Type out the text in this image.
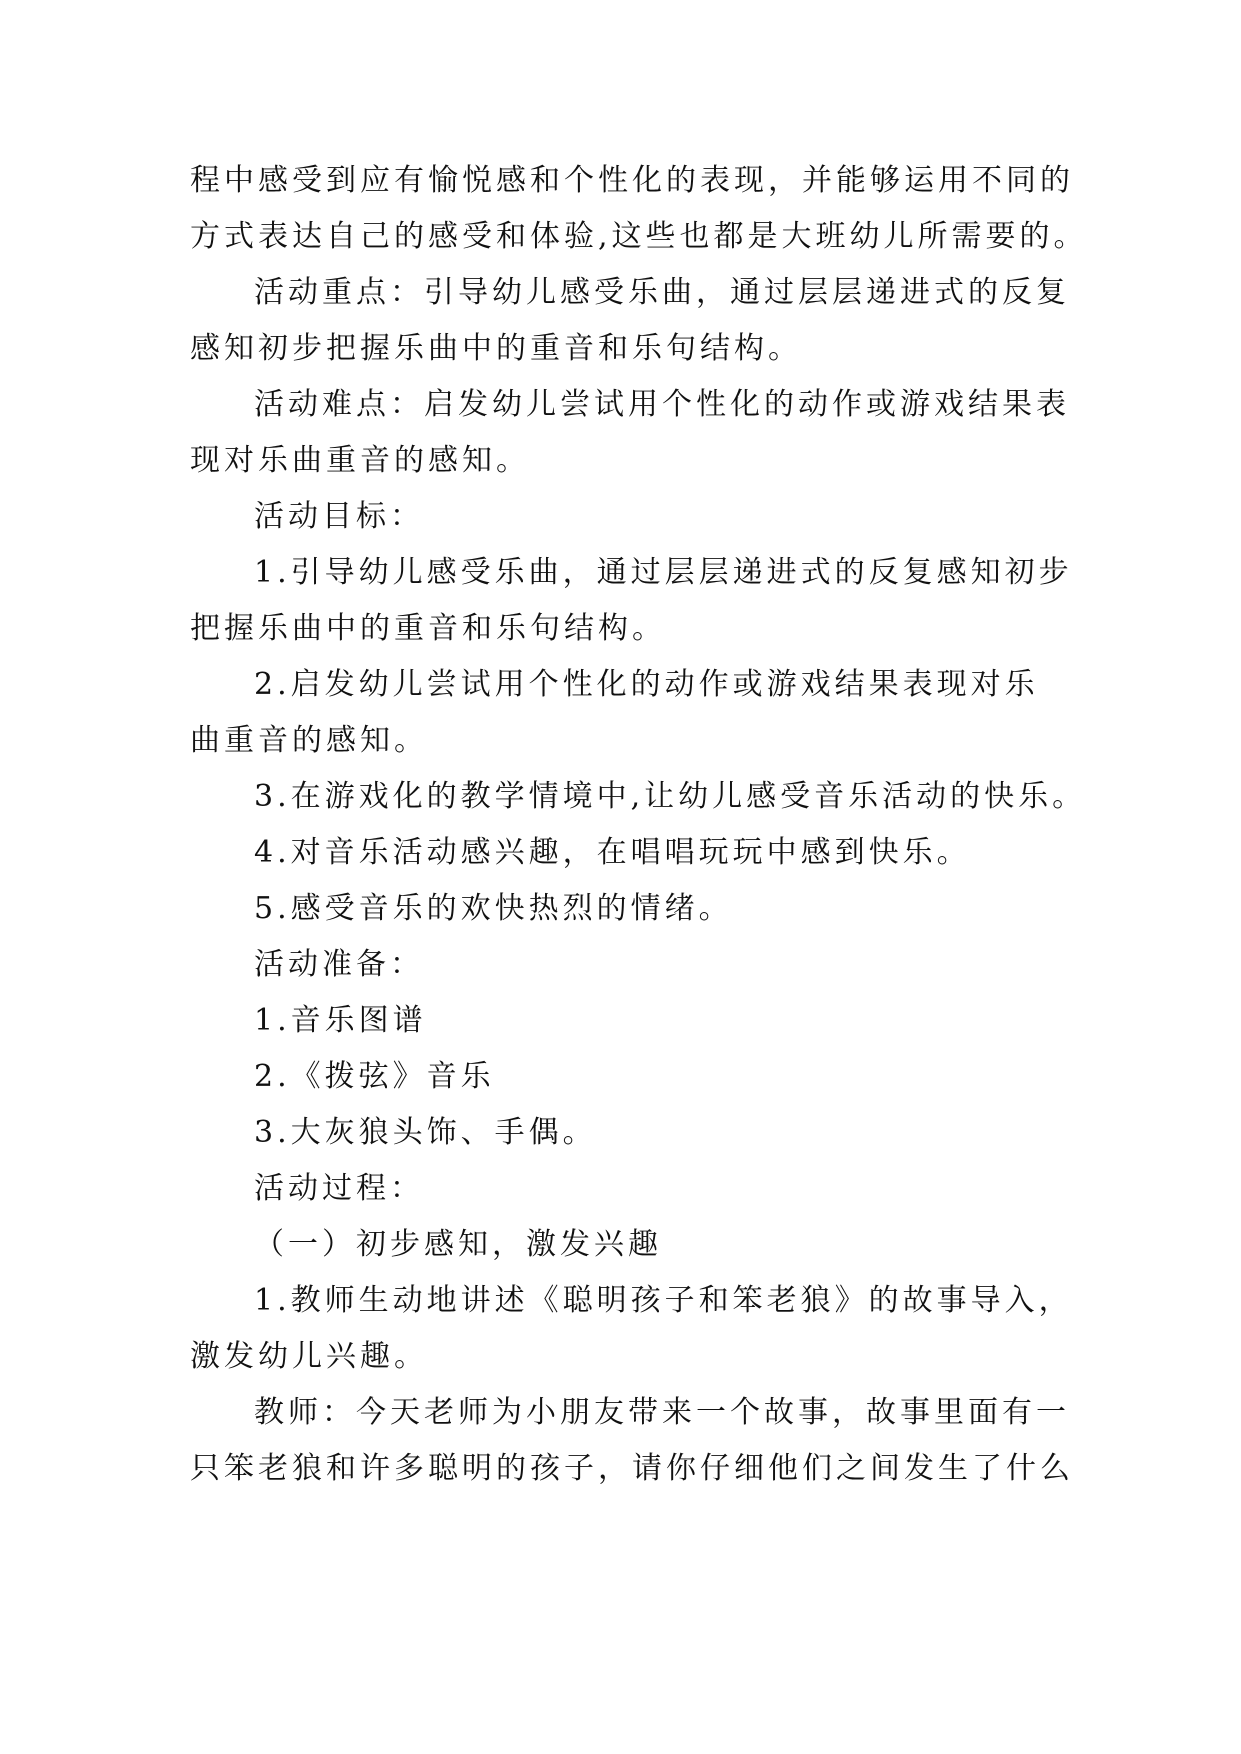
程中感受到应有愉悦感和个性化的表现，并能够运用不同的
方式表达自己的感受和体验,这些也都是大班幼儿所需要的。
活动重点：引导幼儿感受乐曲，通过层层递进式的反复
感知初步把握乐曲中的重音和乐句结构。
活动难点：启发幼儿尝试用个性化的动作或游戏结果表
现对乐曲重音的感知。
活动目标：
1.引导幼儿感受乐曲，通过层层递进式的反复感知初步
把握乐曲中的重音和乐句结构。
2.启发幼儿尝试用个性化的动作或游戏结果表现对乐
曲重音的感知。
3.在游戏化的教学情境中,让幼儿感受音乐活动的快乐。
4.对音乐活动感兴趣，在唱唱玩玩中感到快乐。
5.感受音乐的欢快热烈的情绪。
活动准备：
1.音乐图谱
2.《拨弦》音乐
3.大灰狼头饰、手偶。
活动过程：
（一）初步感知，激发兴趣
1.教师生动地讲述《聪明孩子和笨老狼》的故事导入，
激发幼儿兴趣。
教师：今天老师为小朋友带来一个故事，故事里面有一
只笨老狼和许多聪明的孩子，请你仔细他们之间发生了什么
